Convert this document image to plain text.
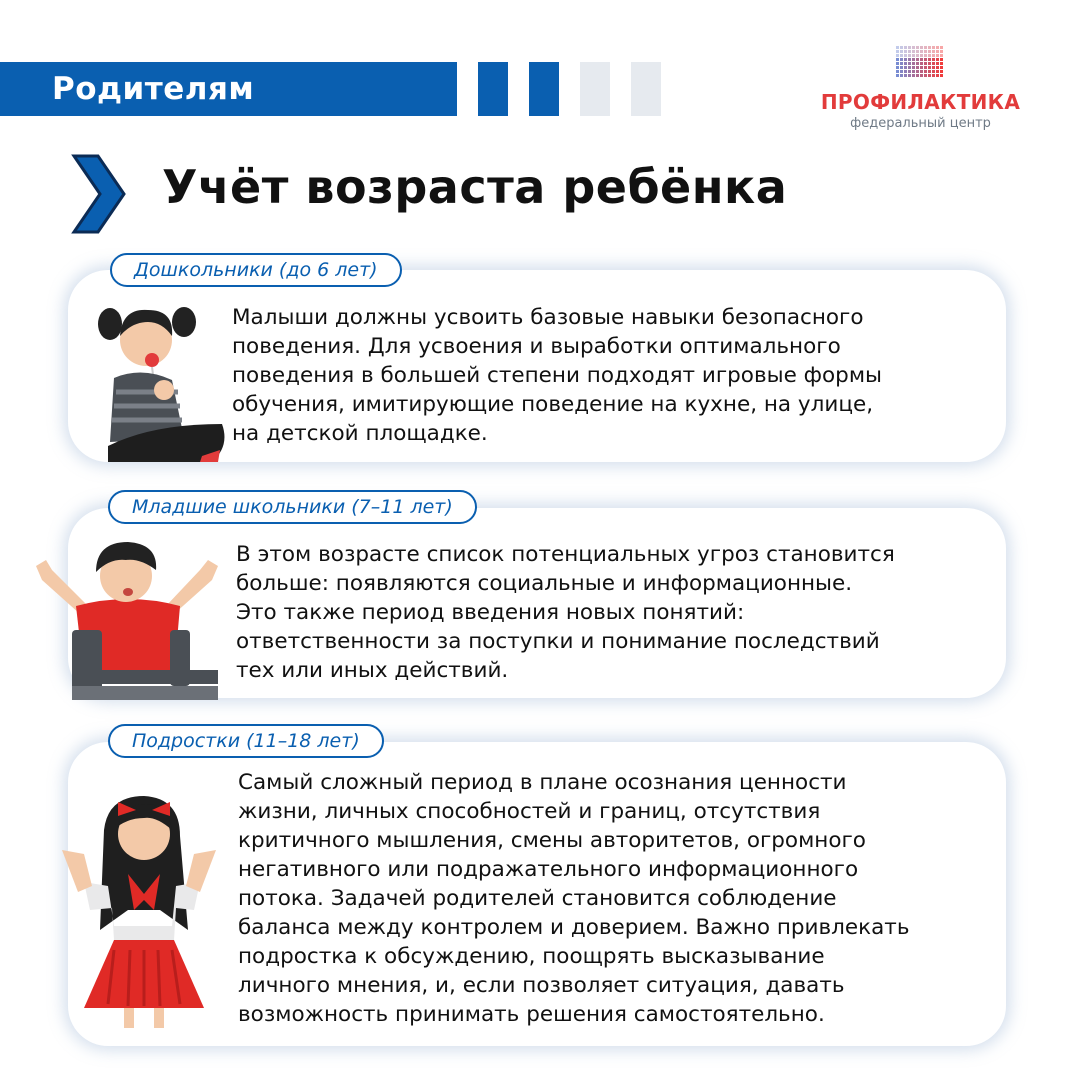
Родителям	ПРОФИЛАКТИКА
федеральный центр
Учёт возраста ребёнка
Дошкольники (до 6 лет)

Малыши должны усвоить базовые навыки безопасного
поведения. Для усвоения и выработки оптимального
поведения в большей степени подходят игровые формы
обучения, имитирующие поведение на кухне, на улице,
на детской площадке.

Младшие школьники (7–11 лет)

В этом возрасте список потенциальных угроз становится
больше: появляются социальные и информационные.
Это также период введения новых понятий:
ответственности за поступки и понимание последствий
тех или иных действий.

Подростки (11–18 лет)

Самый сложный период в плане осознания ценности
жизни, личных способностей и границ, отсутствия
критичного мышления, смены авторитетов, огромного
негативного или подражательного информационного
потока. Задачей родителей становится соблюдение
баланса между контролем и доверием. Важно привлекать
подростка к обсуждению, поощрять высказывание
личного мнения, и, если позволяет ситуация, давать
возможность принимать решения самостоятельно.
